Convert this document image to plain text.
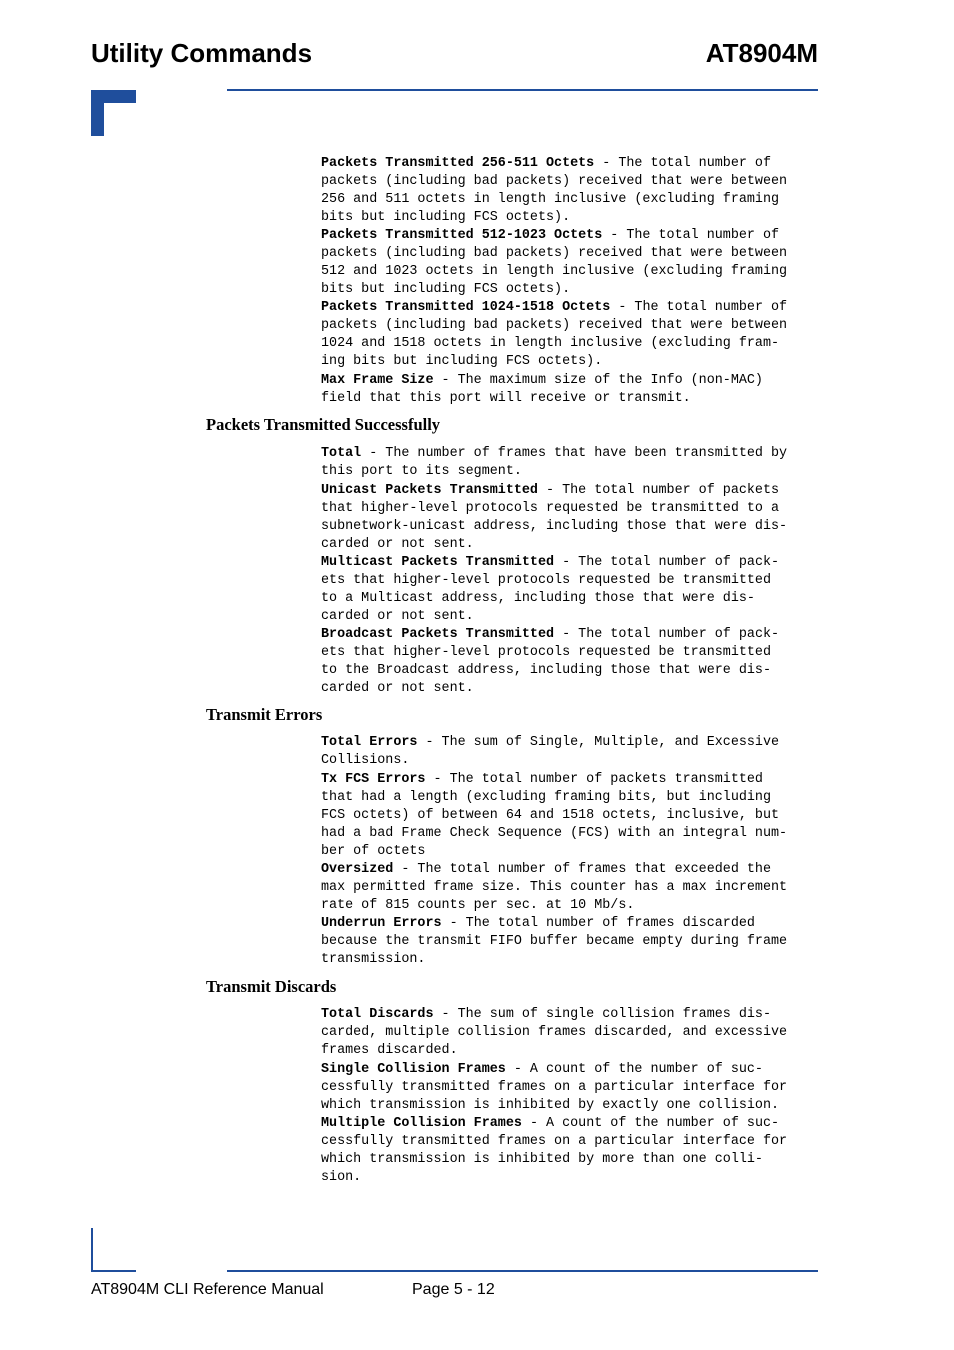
Utility Commands	AT8904M
Packets Transmitted 256-511 Octets - The total number of
packets (including bad packets) received that were between
256 and 511 octets in length inclusive (excluding framing
bits but including FCS octets).
Packets Transmitted 512-1023 Octets - The total number of
packets (including bad packets) received that were between
512 and 1023 octets in length inclusive (excluding framing
bits but including FCS octets).
Packets Transmitted 1024-1518 Octets - The total number of
packets (including bad packets) received that were between
1024 and 1518 octets in length inclusive (excluding fram-
ing bits but including FCS octets).
Max Frame Size - The maximum size of the Info (non-MAC)
field that this port will receive or transmit.
Packets Transmitted Successfully
Total - The number of frames that have been transmitted by
this port to its segment.
Unicast Packets Transmitted - The total number of packets
that higher-level protocols requested be transmitted to a
subnetwork-unicast address, including those that were dis-
carded or not sent.
Multicast Packets Transmitted - The total number of pack-
ets that higher-level protocols requested be transmitted
to a Multicast address, including those that were dis-
carded or not sent.
Broadcast Packets Transmitted - The total number of pack-
ets that higher-level protocols requested be transmitted
to the Broadcast address, including those that were dis-
carded or not sent.
Transmit Errors
Total Errors - The sum of Single, Multiple, and Excessive
Collisions.
Tx FCS Errors - The total number of packets transmitted
that had a length (excluding framing bits, but including
FCS octets) of between 64 and 1518 octets, inclusive, but
had a bad Frame Check Sequence (FCS) with an integral num-
ber of octets
Oversized - The total number of frames that exceeded the
max permitted frame size. This counter has a max increment
rate of 815 counts per sec. at 10 Mb/s.
Underrun Errors - The total number of frames discarded
because the transmit FIFO buffer became empty during frame
transmission.
Transmit Discards
Total Discards - The sum of single collision frames dis-
carded, multiple collision frames discarded, and excessive
frames discarded.
Single Collision Frames - A count of the number of suc-
cessfully transmitted frames on a particular interface for
which transmission is inhibited by exactly one collision.
Multiple Collision Frames - A count of the number of suc-
cessfully transmitted frames on a particular interface for
which transmission is inhibited by more than one colli-
sion.
AT8904M CLI Reference Manual	Page 5 - 12
